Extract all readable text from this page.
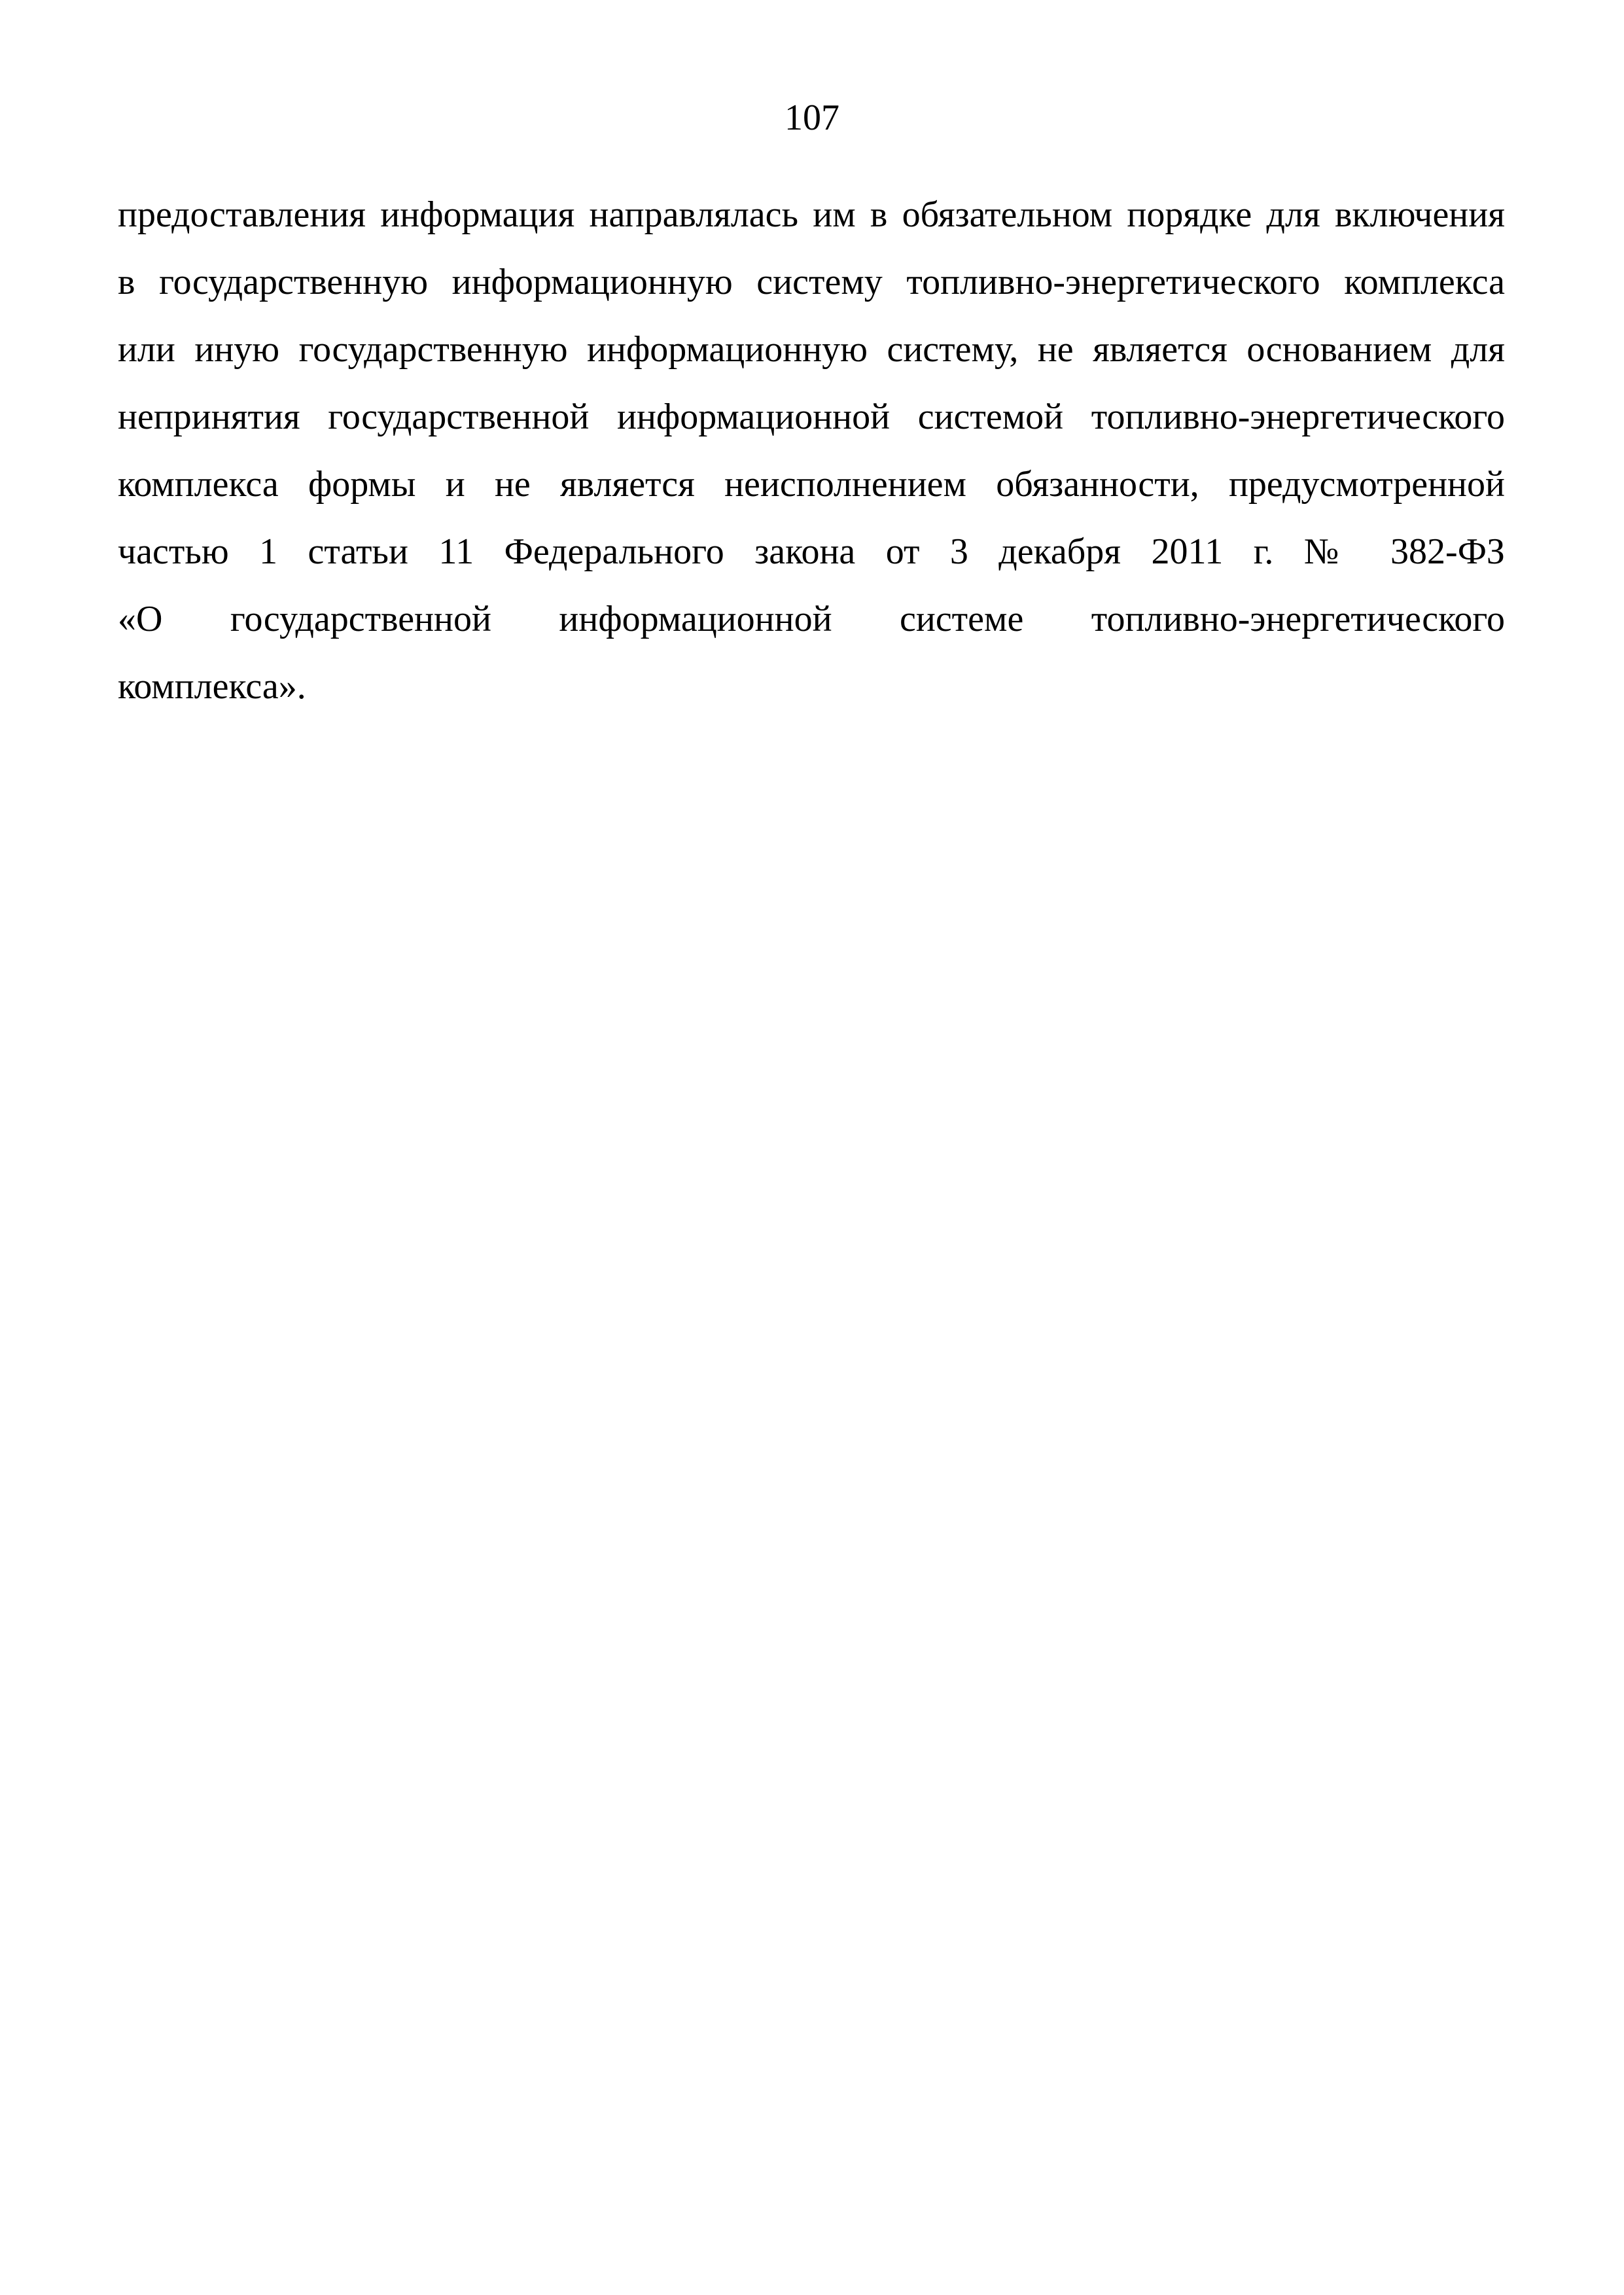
107

предоставления информация направлялась им в обязательном порядке для включения
в государственную информационную систему топливно-энергетического комплекса
или иную государственную информационную систему, не является основанием для
непринятия государственной информационной системой топливно-энергетического
комплекса формы и не является неисполнением обязанности, предусмотренной
частью 1 статьи 11 Федерального закона от 3 декабря 2011 г. № 382-ФЗ
«О государственной информационной системе топливно-энергетического
комплекса».
